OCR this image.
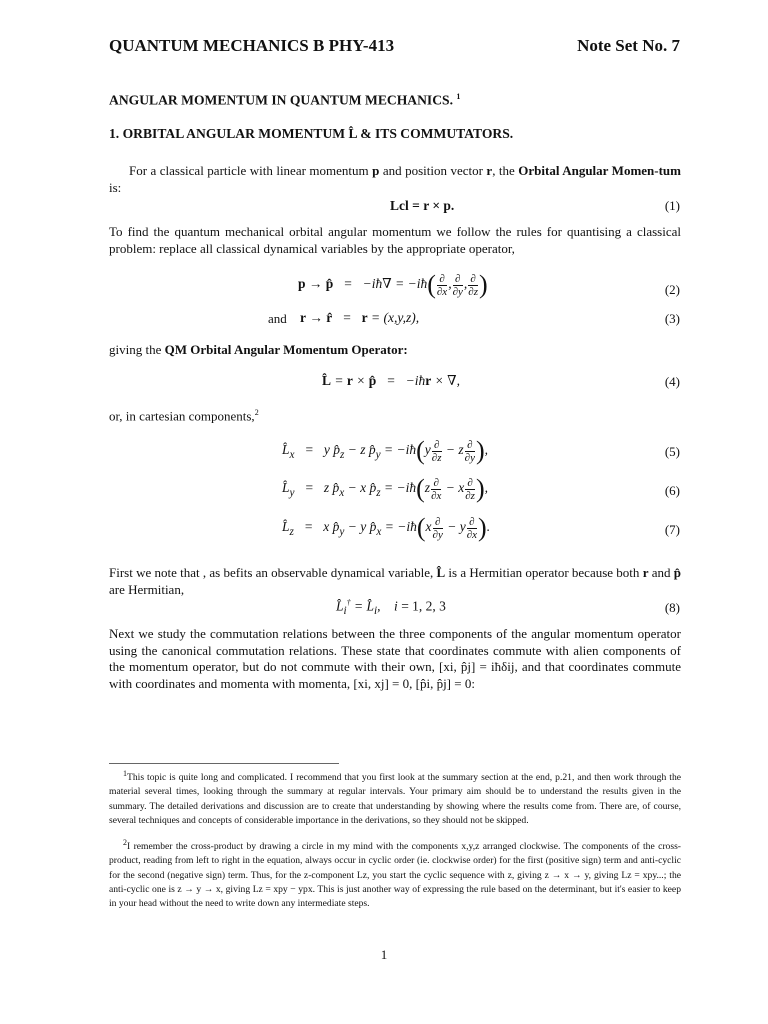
QUANTUM MECHANICS B PHY-413	Note Set No. 7
ANGULAR MOMENTUM IN QUANTUM MECHANICS. $^1$
1. ORBITAL ANGULAR MOMENTUM L̂ & ITS COMMUTATORS.
For a classical particle with linear momentum p and position vector r, the Orbital Angular Momen-tum is:
Lcl = r × p.	(1)
To find the quantum mechanical orbital angular momentum we follow the rules for quantising a classical problem: replace all classical dynamical variables by the appropriate operator,
p → p̂   =   −iħ∇ = −iħ( $\frac{\partial}{\partial x}$ , $\frac{\partial}{\partial y}$ , $\frac{\partial}{\partial z}$ )	(2)
and r → r̂   =   r = (x,y,z),	(3)
giving the QM Orbital Angular Momentum Operator:
L̂ = r × p̂   =   −iħr × ∇,	(4)
or, in cartesian components,$^2$
$L̂_x = y$ $p̂_z - z$ $p̂_y$ = −iħ(y $\frac{\partial}{\partial z} - z \frac{\partial}{\partial y}$ ),	(5)
$L̂_y = z$ $p̂_x - x$ $p̂_z$ = −iħ(z $\frac{\partial}{\partial x} - x \frac{\partial}{\partial z}$ ),	(6)
$L̂_z = x$ $p̂_y - y$ $p̂_x$ = −iħ(x $\frac{\partial}{\partial y} - y \frac{\partial}{\partial x}$ ).	(7)
First we note that , as befits an observable dynamical variable, L̂ is a Hermitian operator because both r and p̂ are Hermitian,
$L̂_i^\dagger$ = $L̂_i$,    i = 1, 2, 3	(8)
Next we study the commutation relations between the three components of the angular momentum operator using the canonical commutation relations. These state that coordinates commute with alien components of the momentum operator, but do not commute with their own, [xi, p̂j] = iħδij, and that coordinates commute with coordinates and momenta with momenta, [xi, xj] = 0, [p̂i, p̂j] = 0:
$^1$This topic is quite long and complicated. I recommend that you first look at the summary section at the end, p.21, and then work through the material several times, looking through the summary at regular intervals. Your primary aim should be to understand the results given in the summary. The detailed derivations and discussion are to create that understanding by showing where the results come from. There are, of course, several techniques and concepts of considerable importance in the derivations, so they should not be skipped.
$^2$I remember the cross-product by drawing a circle in my mind with the components x,y,z arranged clockwise. The components of the cross-product, reading from left to right in the equation, always occur in cyclic order (ie. clockwise order) for the first (positive sign) term and anti-cyclic for the second (negative sign) term. Thus, for the z-component Lz, you start the cyclic sequence with z, giving z → x → y, giving Lz = xpy...; the anti-cyclic one is z → y → x, giving Lz = xpy − ypx. This is just another way of expressing the rule based on the determinant, but it's easier to keep in your head without the need to write down any intermediate steps.
1
